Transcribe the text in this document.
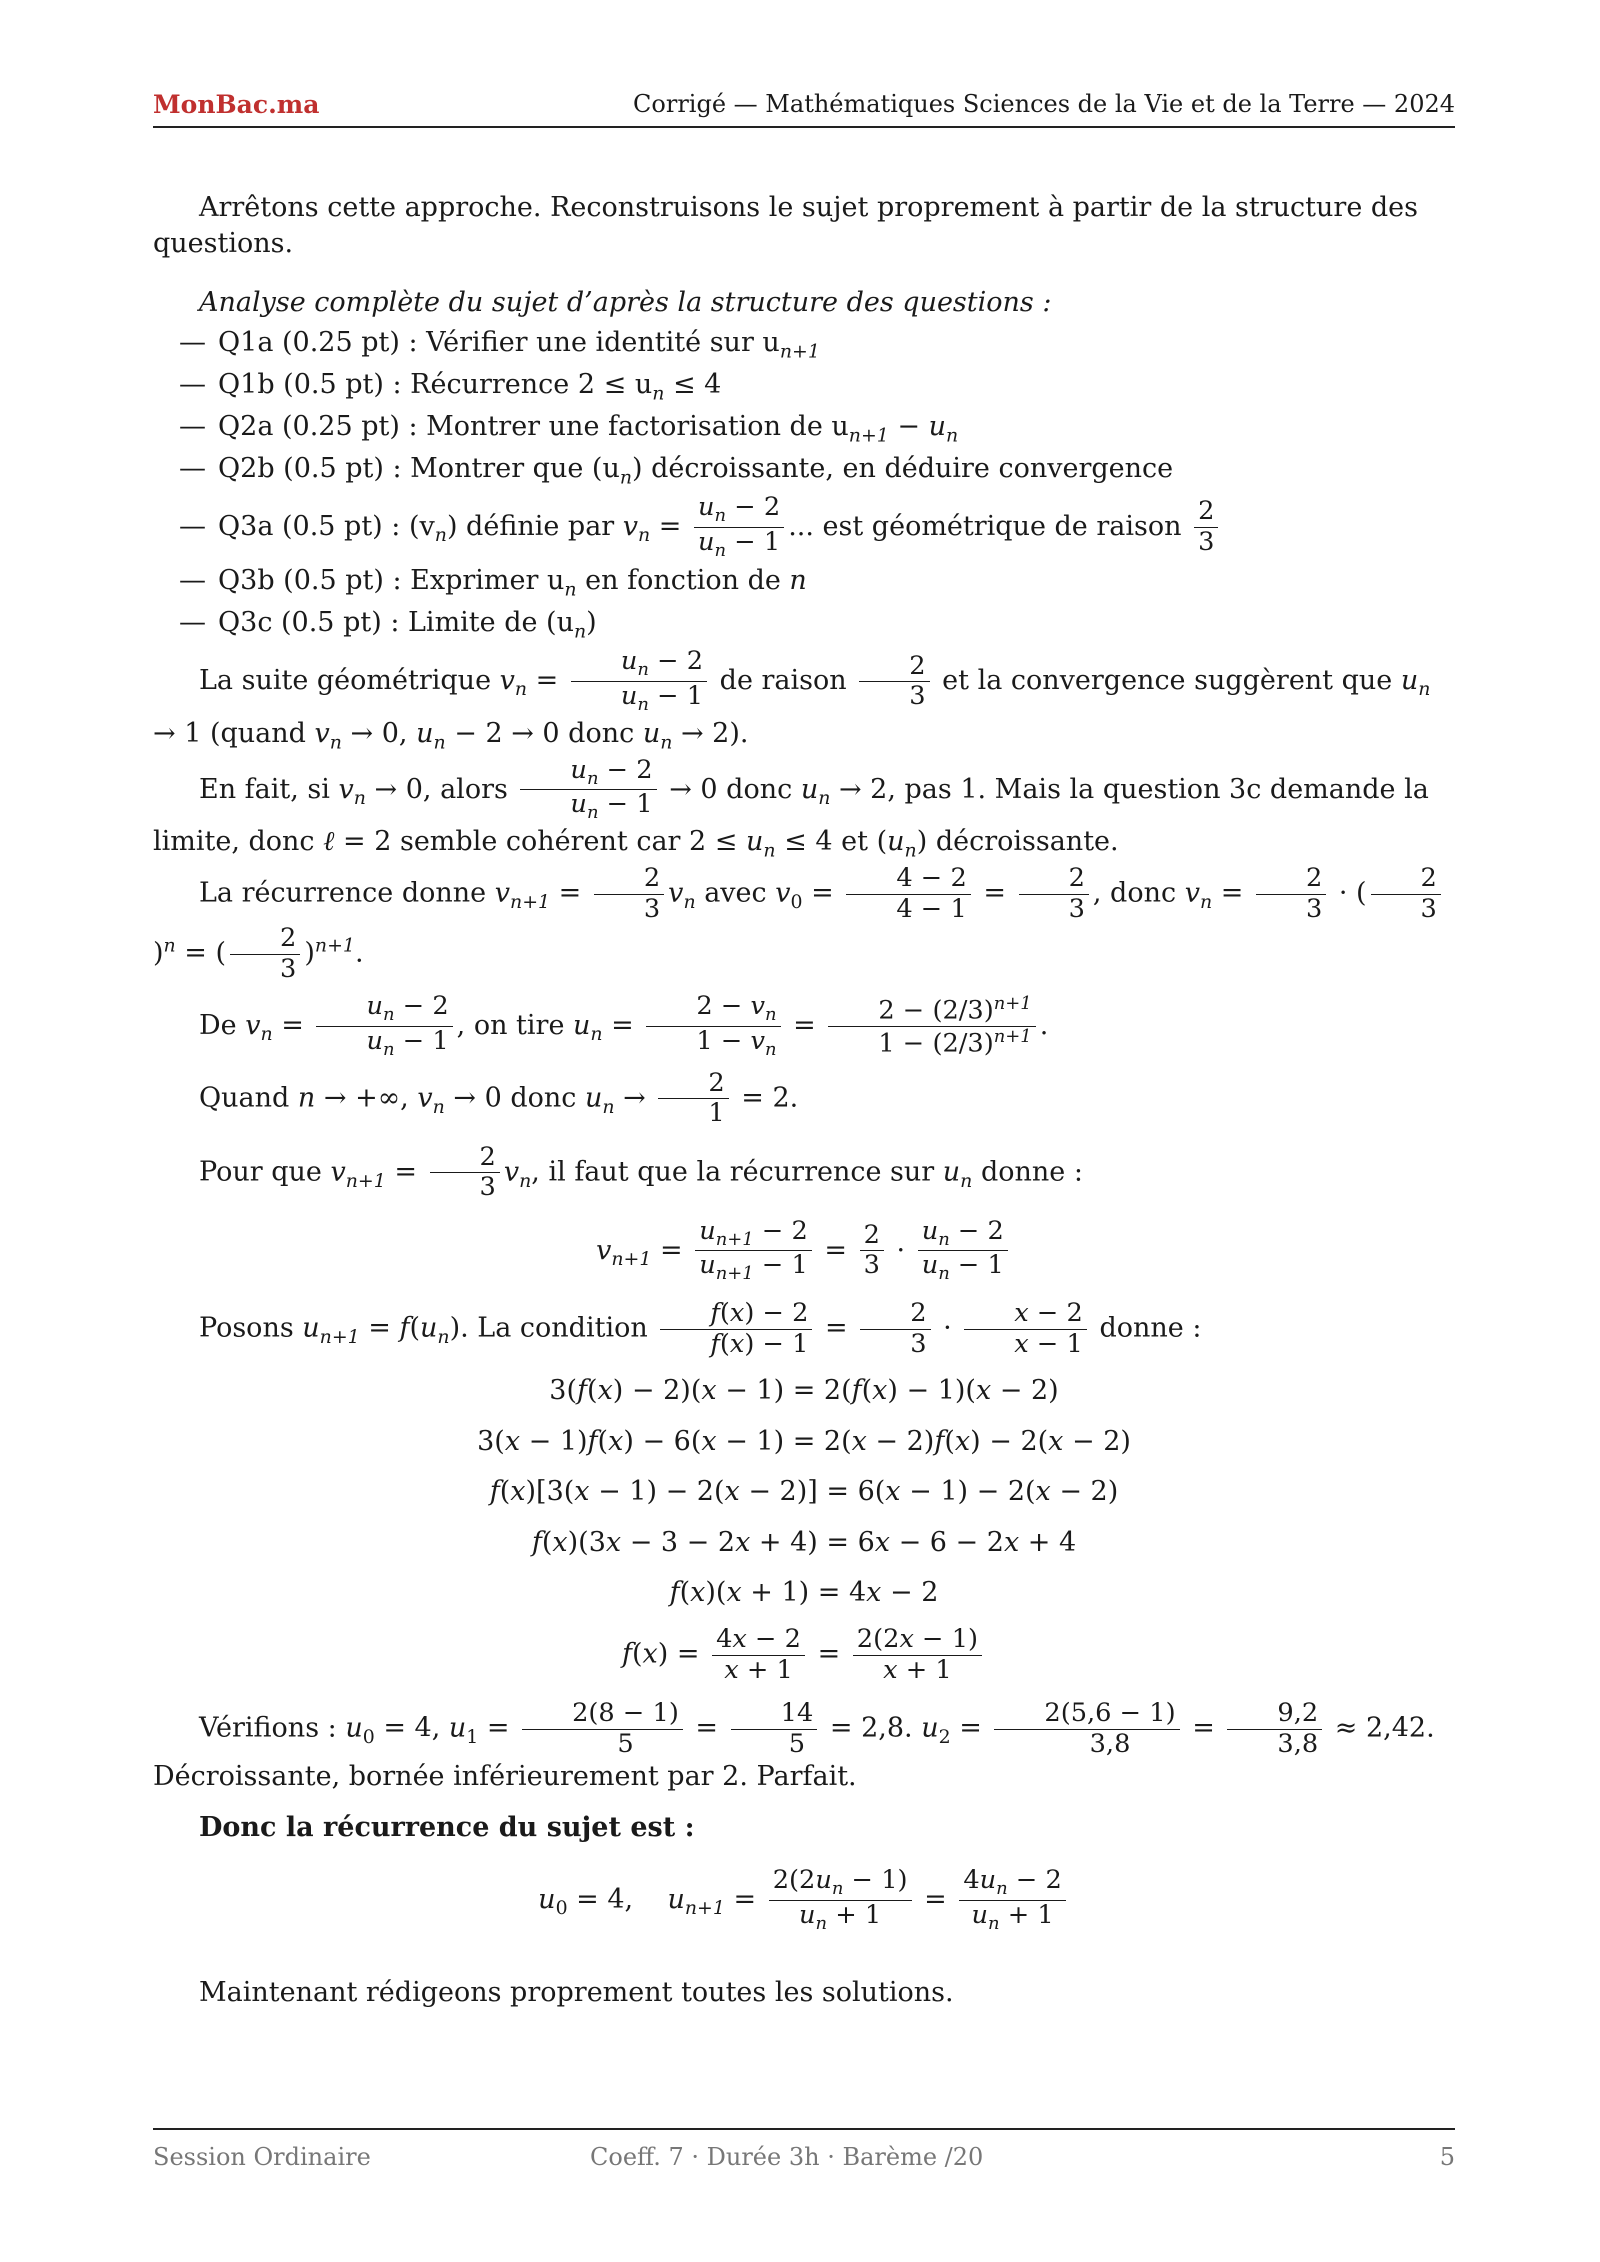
MonBac.ma	Corrigé — Mathématiques Sciences de la Vie et de la Terre — 2024

Arrêtons cette approche. Reconstruisons le sujet proprement à partir de la structure des questions.

Analyse complète du sujet d’après la structure des questions :

— Q1a (0.25 pt) : Vérifier une identité sur $u_{n+1}$
— Q1b (0.5 pt) : Récurrence $2 \le u_n \le 4$
— Q2a (0.25 pt) : Montrer une factorisation de $u_{n+1} - u_n$
— Q2b (0.5 pt) : Montrer que $(u_n)$ décroissante, en déduire convergence
— Q3a (0.5 pt) : $(v_n)$ définie par $v_n = \frac{u_n - 2}{u_n - 1}$ ... est géométrique de raison $\frac{2}{3}$
— Q3b (0.5 pt) : Exprimer $u_n$ en fonction de n
— Q3c (0.5 pt) : Limite de $(u_n)$

La suite géométrique $v_n = \frac{u_n - 2}{u_n - 1}$ de raison $\frac{2}{3}$ et la convergence suggèrent que $u_n \to 1$ (quand $v_n \to 0$, $u_n - 2 \to 0$ donc $u_n \to 2$).

En fait, si $v_n \to 0$, alors $\frac{u_n - 2}{u_n - 1} \to 0$ donc $u_n \to 2$, pas 1. Mais la question 3c demande la limite, donc ℓ = 2 semble cohérent car $2 \le u_n \le 4$ et $(u_n)$ décroissante.

La récurrence donne $v_{n+1} = \frac{2}{3} v_n$ avec $v_0 = \frac{4 - 2}{4 - 1} = \frac{2}{3}$ , donc $v_n = \frac{2}{3}$ · ( $\frac{2}{3}$
)$^n$ = ( $\frac{2}{3} )^{n+1}$.

De $v_n = \frac{u_n - 2}{u_n - 1}$ , on tire $u_n = \frac{2 - v_n}{1 - v_n} = \frac{2 - (2/3)^{n+1}}{1 - (2/3)^{n+1}}$ .

Quand n → +∞, $v_n \to 0$ donc $u_n \to \frac{2}{1} = 2$.

Pour que $v_{n+1} = \frac{2}{3} v_n$, il faut que la récurrence sur $u_n$ donne :

$v_{n+1} = \frac{u_{n+1} - 2}{u_{n+1} - 1} = \frac{2}{3} \cdot \frac{u_n - 2}{u_n - 1}$

Posons $u_{n+1} = f(u_n)$. La condition $\frac{f(x) - 2}{f(x) - 1} = \frac{2}{3} \cdot \frac{x - 2}{x - 1}$ donne :

3(f(x) − 2)(x − 1) = 2(f(x) − 1)(x − 2)
3(x − 1)f(x) − 6(x − 1) = 2(x − 2)f(x) − 2(x − 2)
f(x)[3(x − 1) − 2(x − 2)] = 6(x − 1) − 2(x − 2)
f(x)(3x − 3 − 2x + 4) = 6x − 6 − 2x + 4
f(x)(x + 1) = 4x − 2
$f(x) = \frac{4x - 2}{x + 1} = \frac{2(2x - 1)}{x + 1}$

Vérifions : $u_0 = 4$, $u_1 = \frac{2(8 - 1)}{5} = \frac{14}{5} = 2,8$. $u_2 = \frac{2(5,6 - 1)}{3,8} = \frac{9,2}{3,8} \approx 2,42$. Décroissante, bornée inférieurement par 2. Parfait.

Donc la récurrence du sujet est :

$u_0 = 4$,    $u_{n+1} = \frac{2(2u_n - 1)}{u_n + 1} = \frac{4u_n - 2}{u_n + 1}$

Maintenant rédigeons proprement toutes les solutions.

Session Ordinaire	Coeff. 7 · Durée 3h · Barème /20	5
